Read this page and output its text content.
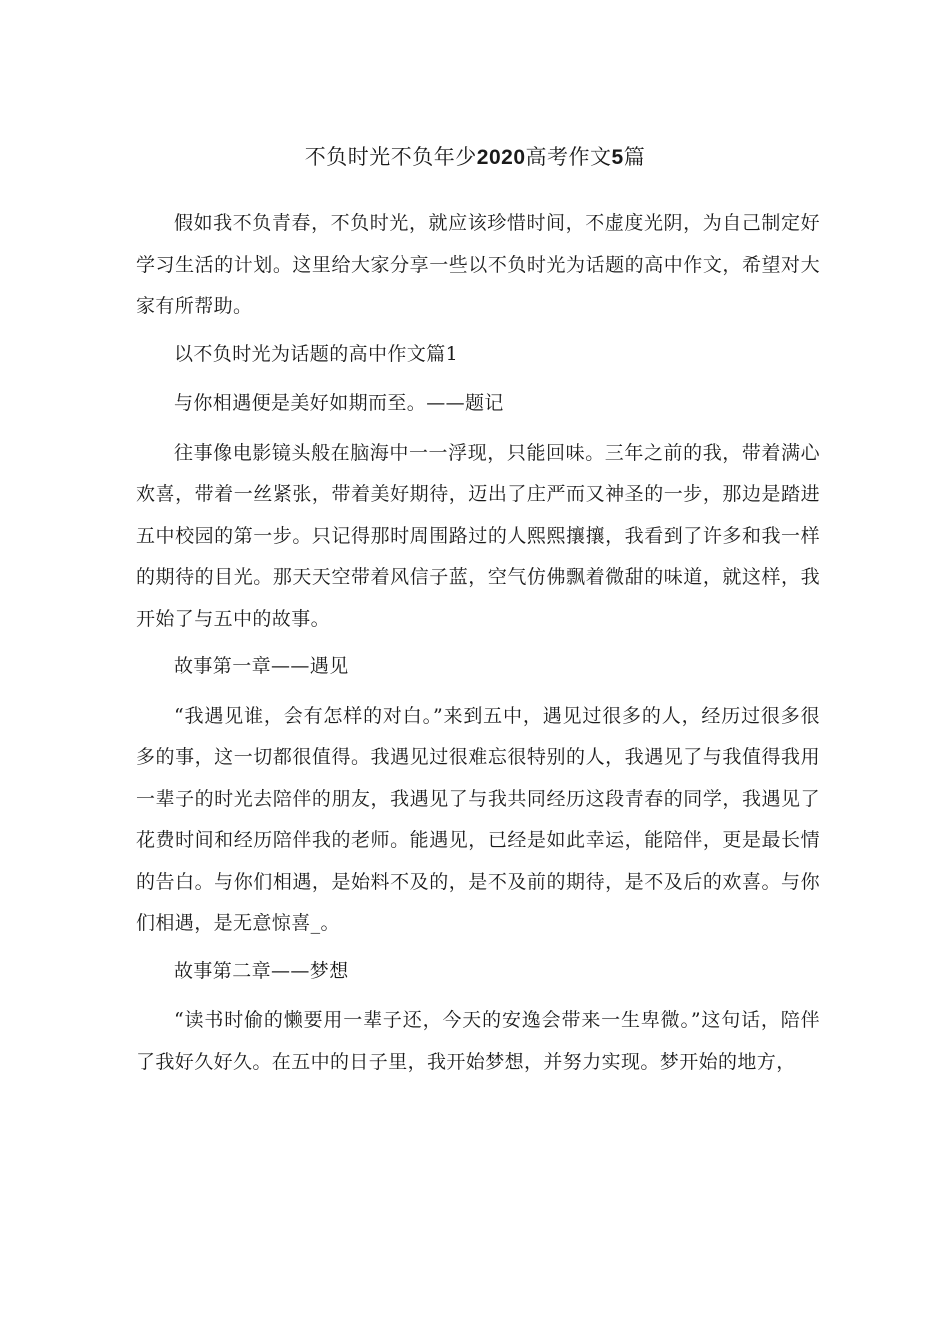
不负时光不负年少2020高考作文5篇

假如我不负青春，不负时光，就应该珍惜时间，不虚度光阴，为自己制定好学习生活的计划。这里给大家分享一些以不负时光为话题的高中作文，希望对大家有所帮助。

以不负时光为话题的高中作文篇1

与你相遇便是美好如期而至。——题记

往事像电影镜头般在脑海中一一浮现，只能回味。三年之前的我，带着满心欢喜，带着一丝紧张，带着美好期待，迈出了庄严而又神圣的一步，那边是踏进五中校园的第一步。只记得那时周围路过的人熙熙攘攘，我看到了许多和我一样的期待的目光。那天天空带着风信子蓝，空气仿佛飘着微甜的味道，就这样，我开始了与五中的故事。

故事第一章——遇见

“我遇见谁，会有怎样的对白。”来到五中，遇见过很多的人，经历过很多很多的事，这一切都很值得。我遇见过很难忘很特别的人，我遇见了与我值得我用一辈子的时光去陪伴的朋友，我遇见了与我共同经历这段青春的同学，我遇见了花费时间和经历陪伴我的老师。能遇见，已经是如此幸运，能陪伴，更是最长情的告白。与你们相遇，是始料不及的，是不及前的期待，是不及后的欢喜。与你们相遇，是无意惊喜_。

故事第二章——梦想

“读书时偷的懒要用一辈子还，今天的安逸会带来一生卑微。”这句话，陪伴了我好久好久。在五中的日子里，我开始梦想，并努力实现。梦开始的地方，
